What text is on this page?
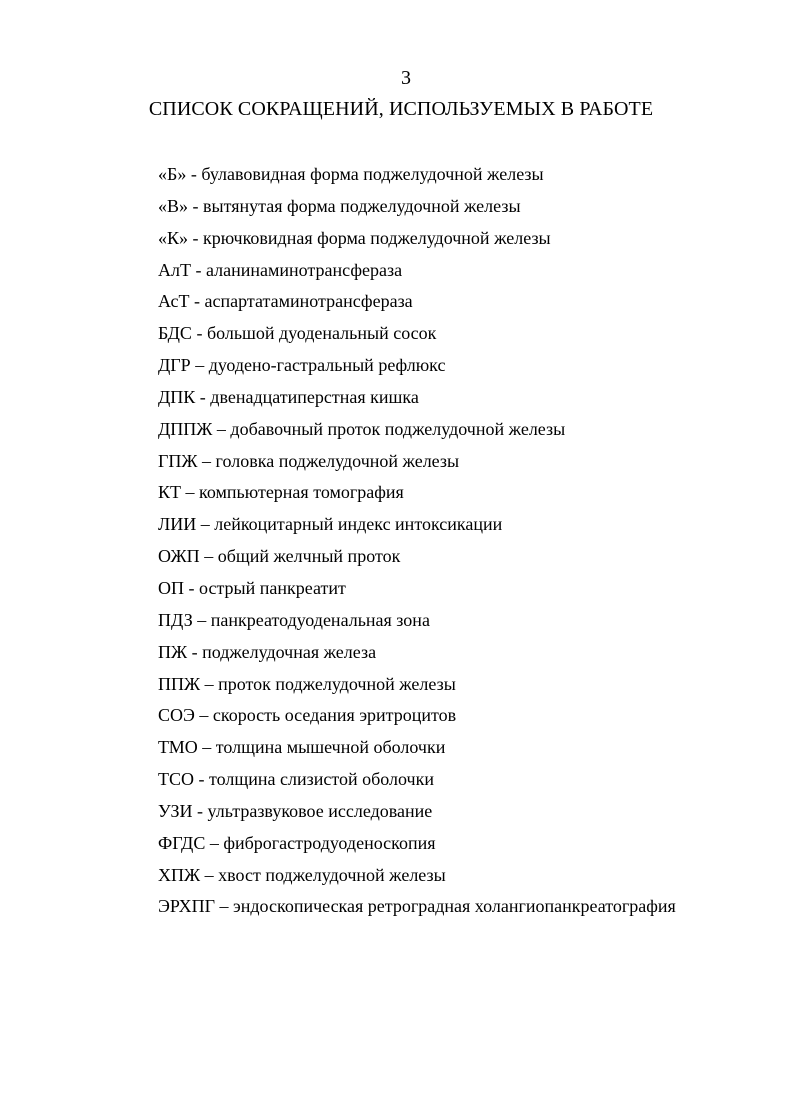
3
СПИСОК СОКРАЩЕНИЙ, ИСПОЛЬЗУЕМЫХ В РАБОТЕ
«Б» - булавовидная форма поджелудочной железы
«В» - вытянутая форма поджелудочной железы
«К» - крючковидная форма поджелудочной железы
АлТ - аланинаминотрансфераза
АсТ - аспартатаминотрансфераза
БДС - большой дуоденальный сосок
ДГР – дуодено-гастральный рефлюкс
ДПК - двенадцатиперстная кишка
ДППЖ – добавочный проток поджелудочной железы
ГПЖ – головка поджелудочной железы
КТ – компьютерная томография
ЛИИ – лейкоцитарный индекс интоксикации
ОЖП – общий желчный проток
ОП - острый панкреатит
ПДЗ – панкреатодуоденальная зона
ПЖ - поджелудочная железа
ППЖ – проток поджелудочной железы
СОЭ – скорость оседания эритроцитов
ТМО – толщина мышечной оболочки
ТСО - толщина слизистой оболочки
УЗИ - ультразвуковое исследование
ФГДС – фиброгастродуоденоскопия
ХПЖ – хвост поджелудочной железы
ЭРХПГ – эндоскопическая ретроградная холангиопанкреатография
